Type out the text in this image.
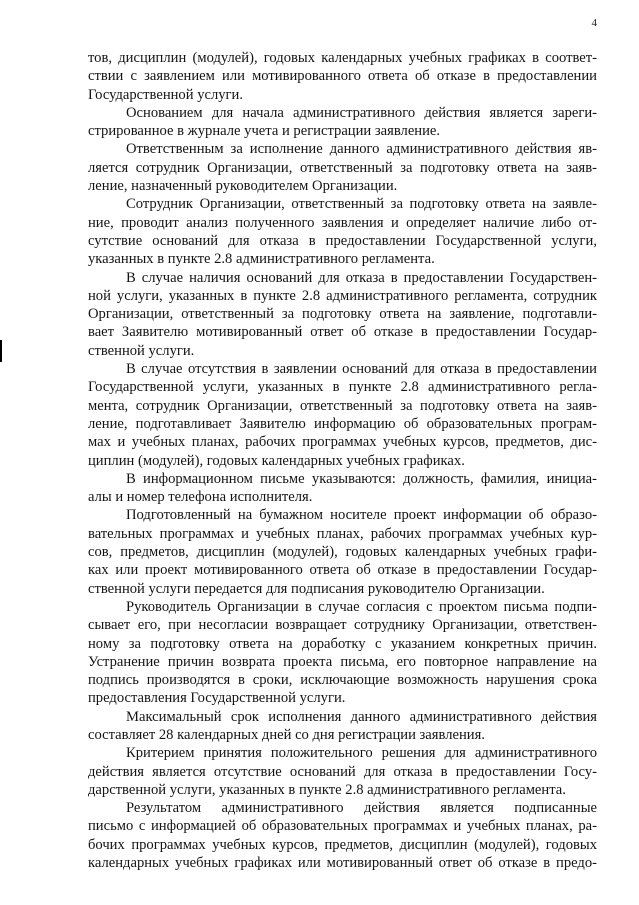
4
тов, дисциплин (модулей), годовых календарных учебных графиках в соответ-
ствии с заявлением или мотивированного ответа об отказе в предоставлении
Государственной услуги.
Основанием для начала административного действия является зареги-
стрированное в журнале учета и регистрации заявление.
Ответственным за исполнение данного административного действия яв-
ляется сотрудник Организации, ответственный за подготовку ответа на заяв-
ление, назначенный руководителем Организации.
Сотрудник Организации, ответственный за подготовку ответа на заявле-
ние, проводит анализ полученного заявления и определяет наличие либо от-
сутствие оснований для отказа в предоставлении Государственной услуги,
указанных в пункте 2.8 административного регламента.
В случае наличия оснований для отказа в предоставлении Государствен-
ной услуги, указанных в пункте 2.8 административного регламента, сотрудник
Организации, ответственный за подготовку ответа на заявление, подготавли-
вает Заявителю мотивированный ответ об отказе в предоставлении Государ-
ственной услуги.
В случае отсутствия в заявлении оснований для отказа в предоставлении
Государственной услуги, указанных в пункте 2.8 административного регла-
мента, сотрудник Организации, ответственный за подготовку ответа на заяв-
ление, подготавливает Заявителю информацию об образовательных програм-
мах и учебных планах, рабочих программах учебных курсов, предметов, дис-
циплин (модулей), годовых календарных учебных графиках.
В информационном письме указываются: должность, фамилия, инициа-
алы и номер телефона исполнителя.
Подготовленный на бумажном носителе проект информации об образо-
вательных программах и учебных планах, рабочих программах учебных кур-
сов, предметов, дисциплин (модулей), годовых календарных учебных графи-
ках или проект мотивированного ответа об отказе в предоставлении Государ-
ственной услуги передается для подписания руководителю Организации.
Руководитель Организации в случае согласия с проектом письма подпи-
сывает его, при несогласии возвращает сотруднику Организации, ответствен-
ному за подготовку ответа на доработку с указанием конкретных причин.
Устранение причин возврата проекта письма, его повторное направление на
подпись производятся в сроки, исключающие возможность нарушения срока
предоставления Государственной услуги.
Максимальный срок исполнения данного административного действия
составляет 28 календарных дней со дня регистрации заявления.
Критерием принятия положительного решения для административного
действия является отсутствие оснований для отказа в предоставлении Госу-
дарственной услуги, указанных в пункте 2.8 административного регламента.
Результатом административного действия является подписанные
письмо с информацией об образовательных программах и учебных планах, ра-
бочих программах учебных курсов, предметов, дисциплин (модулей), годовых
календарных учебных графиках или мотивированный ответ об отказе в предо-
